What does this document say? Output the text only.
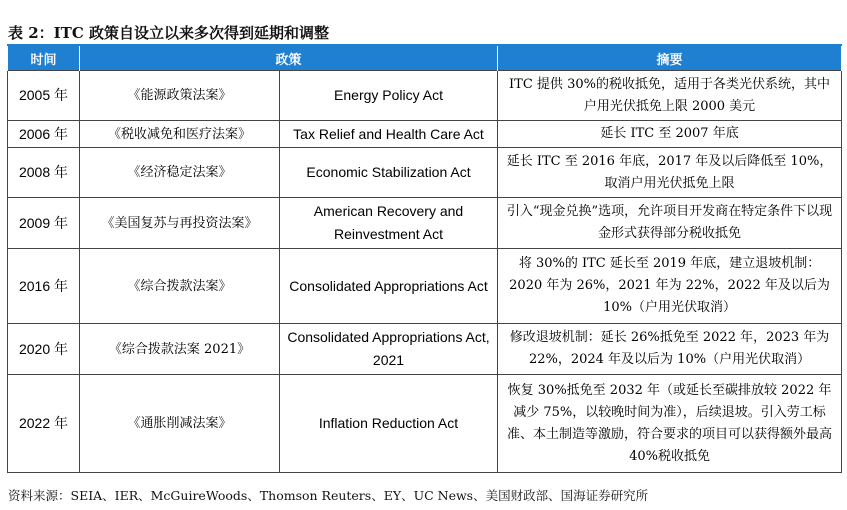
表 2：ITC 政策自设立以来多次得到延期和调整
时间	政策		摘要
2005 年	《能源政策法案》	Energy Policy Act	ITC 提供 30%的税收抵免，适用于各类光伏系统，其中户用光伏抵免上限 2000 美元
2006 年	《税收减免和医疗法案》	Tax Relief and Health Care Act	延长 ITC 至 2007 年底
2008 年	《经济稳定法案》	Economic Stabilization Act	延长 ITC 至 2016 年底，2017 年及以后降低至 10%，取消户用光伏抵免上限
2009 年	《美国复苏与再投资法案》	American Recovery and Reinvestment Act	引入“现金兑换”选项，允许项目开发商在特定条件下以现金形式获得部分税收抵免
2016 年	《综合拨款法案》	Consolidated Appropriations Act	将 30%的 ITC 延长至 2019 年底，建立退坡机制：2020 年为 26%，2021 年为 22%，2022 年及以后为 10%（户用光伏取消）
2020 年	《综合拨款法案 2021》	Consolidated Appropriations Act, 2021	修改退坡机制：延长 26%抵免至 2022 年，2023 年为 22%，2024 年及以后为 10%（户用光伏取消）
2022 年	《通胀削减法案》	Inflation Reduction Act	恢复 30%抵免至 2032 年（或延长至碳排放较 2022 年减少 75%，以较晚时间为准），后续退坡。引入劳工标准、本土制造等激励，符合要求的项目可以获得额外最高 40%税收抵免
资料来源：SEIA、IER、McGuireWoods、Thomson Reuters、EY、UC News、美国财政部、国海证券研究所
